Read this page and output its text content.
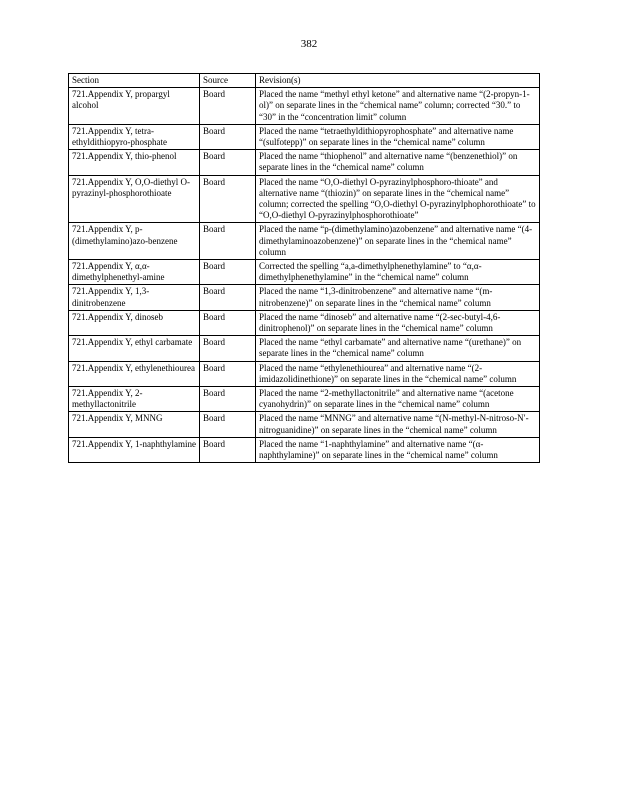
382
Section	Source	Revision(s)
721.Appendix Y, propargyl alcohol	Board	Placed the name “methyl ethyl ketone” and alternative name “(2-propyn-1-ol)” on separate lines in the “chemical name” column; corrected “30.” to “30” in the “concentration limit” column
721.Appendix Y, tetra-ethyldithiopyro-phosphate	Board	Placed the name “tetraethyldithiopyrophosphate” and alternative name “(sulfotepp)” on separate lines in the “chemical name” column
721.Appendix Y, thio-phenol	Board	Placed the name “thiophenol” and alternative name “(benzenethiol)” on separate lines in the “chemical name” column
721.Appendix Y, O,O-diethyl O-pyrazinyl-phosphorothioate	Board	Placed the name “O,O-diethyl O-pyrazinylphosphoro-thioate” and alternative name “(thiozin)” on separate lines in the “chemical name” column; corrected the spelling “O,O-diethyl O-pyrazinylphophorothioate” to “O,O-diethyl O-pyrazinylphosphorothioate”
721.Appendix Y, p-(dimethylamino)azo-benzene	Board	Placed the name “p-(dimethylamino)azobenzene” and alternative name “(4-dimethylaminoazobenzene)” on separate lines in the “chemical name” column
721.Appendix Y, α,α-dimethylphenethyl-amine	Board	Corrected the spelling “a,a-dimethylphenethylamine” to “α,α-dimethylphenethylamine” in the “chemical name” column
721.Appendix Y, 1,3-dinitrobenzene	Board	Placed the name “1,3-dinitrobenzene” and alternative name “(m-nitrobenzene)” on separate lines in the “chemical name” column
721.Appendix Y, dinoseb	Board	Placed the name “dinoseb” and alternative name “(2-sec-butyl-4,6-dinitrophenol)” on separate lines in the “chemical name” column
721.Appendix Y, ethyl carbamate	Board	Placed the name “ethyl carbamate” and alternative name “(urethane)” on separate lines in the “chemical name” column
721.Appendix Y, ethylenethiourea	Board	Placed the name “ethylenethiourea” and alternative name “(2-imidazolidinethione)” on separate lines in the “chemical name” column
721.Appendix Y, 2-methyllactonitrile	Board	Placed the name “2-methyllactonitrile” and alternative name “(acetone cyanohydrin)” on separate lines in the “chemical name” column
721.Appendix Y, MNNG	Board	Placed the name “MNNG” and alternative name “(N-methyl-N-nitroso-N′-nitroguanidine)” on separate lines in the “chemical name” column
721.Appendix Y, 1-naphthylamine	Board	Placed the name “1-naphthylamine” and alternative name “(α-naphthylamine)” on separate lines in the “chemical name” column
